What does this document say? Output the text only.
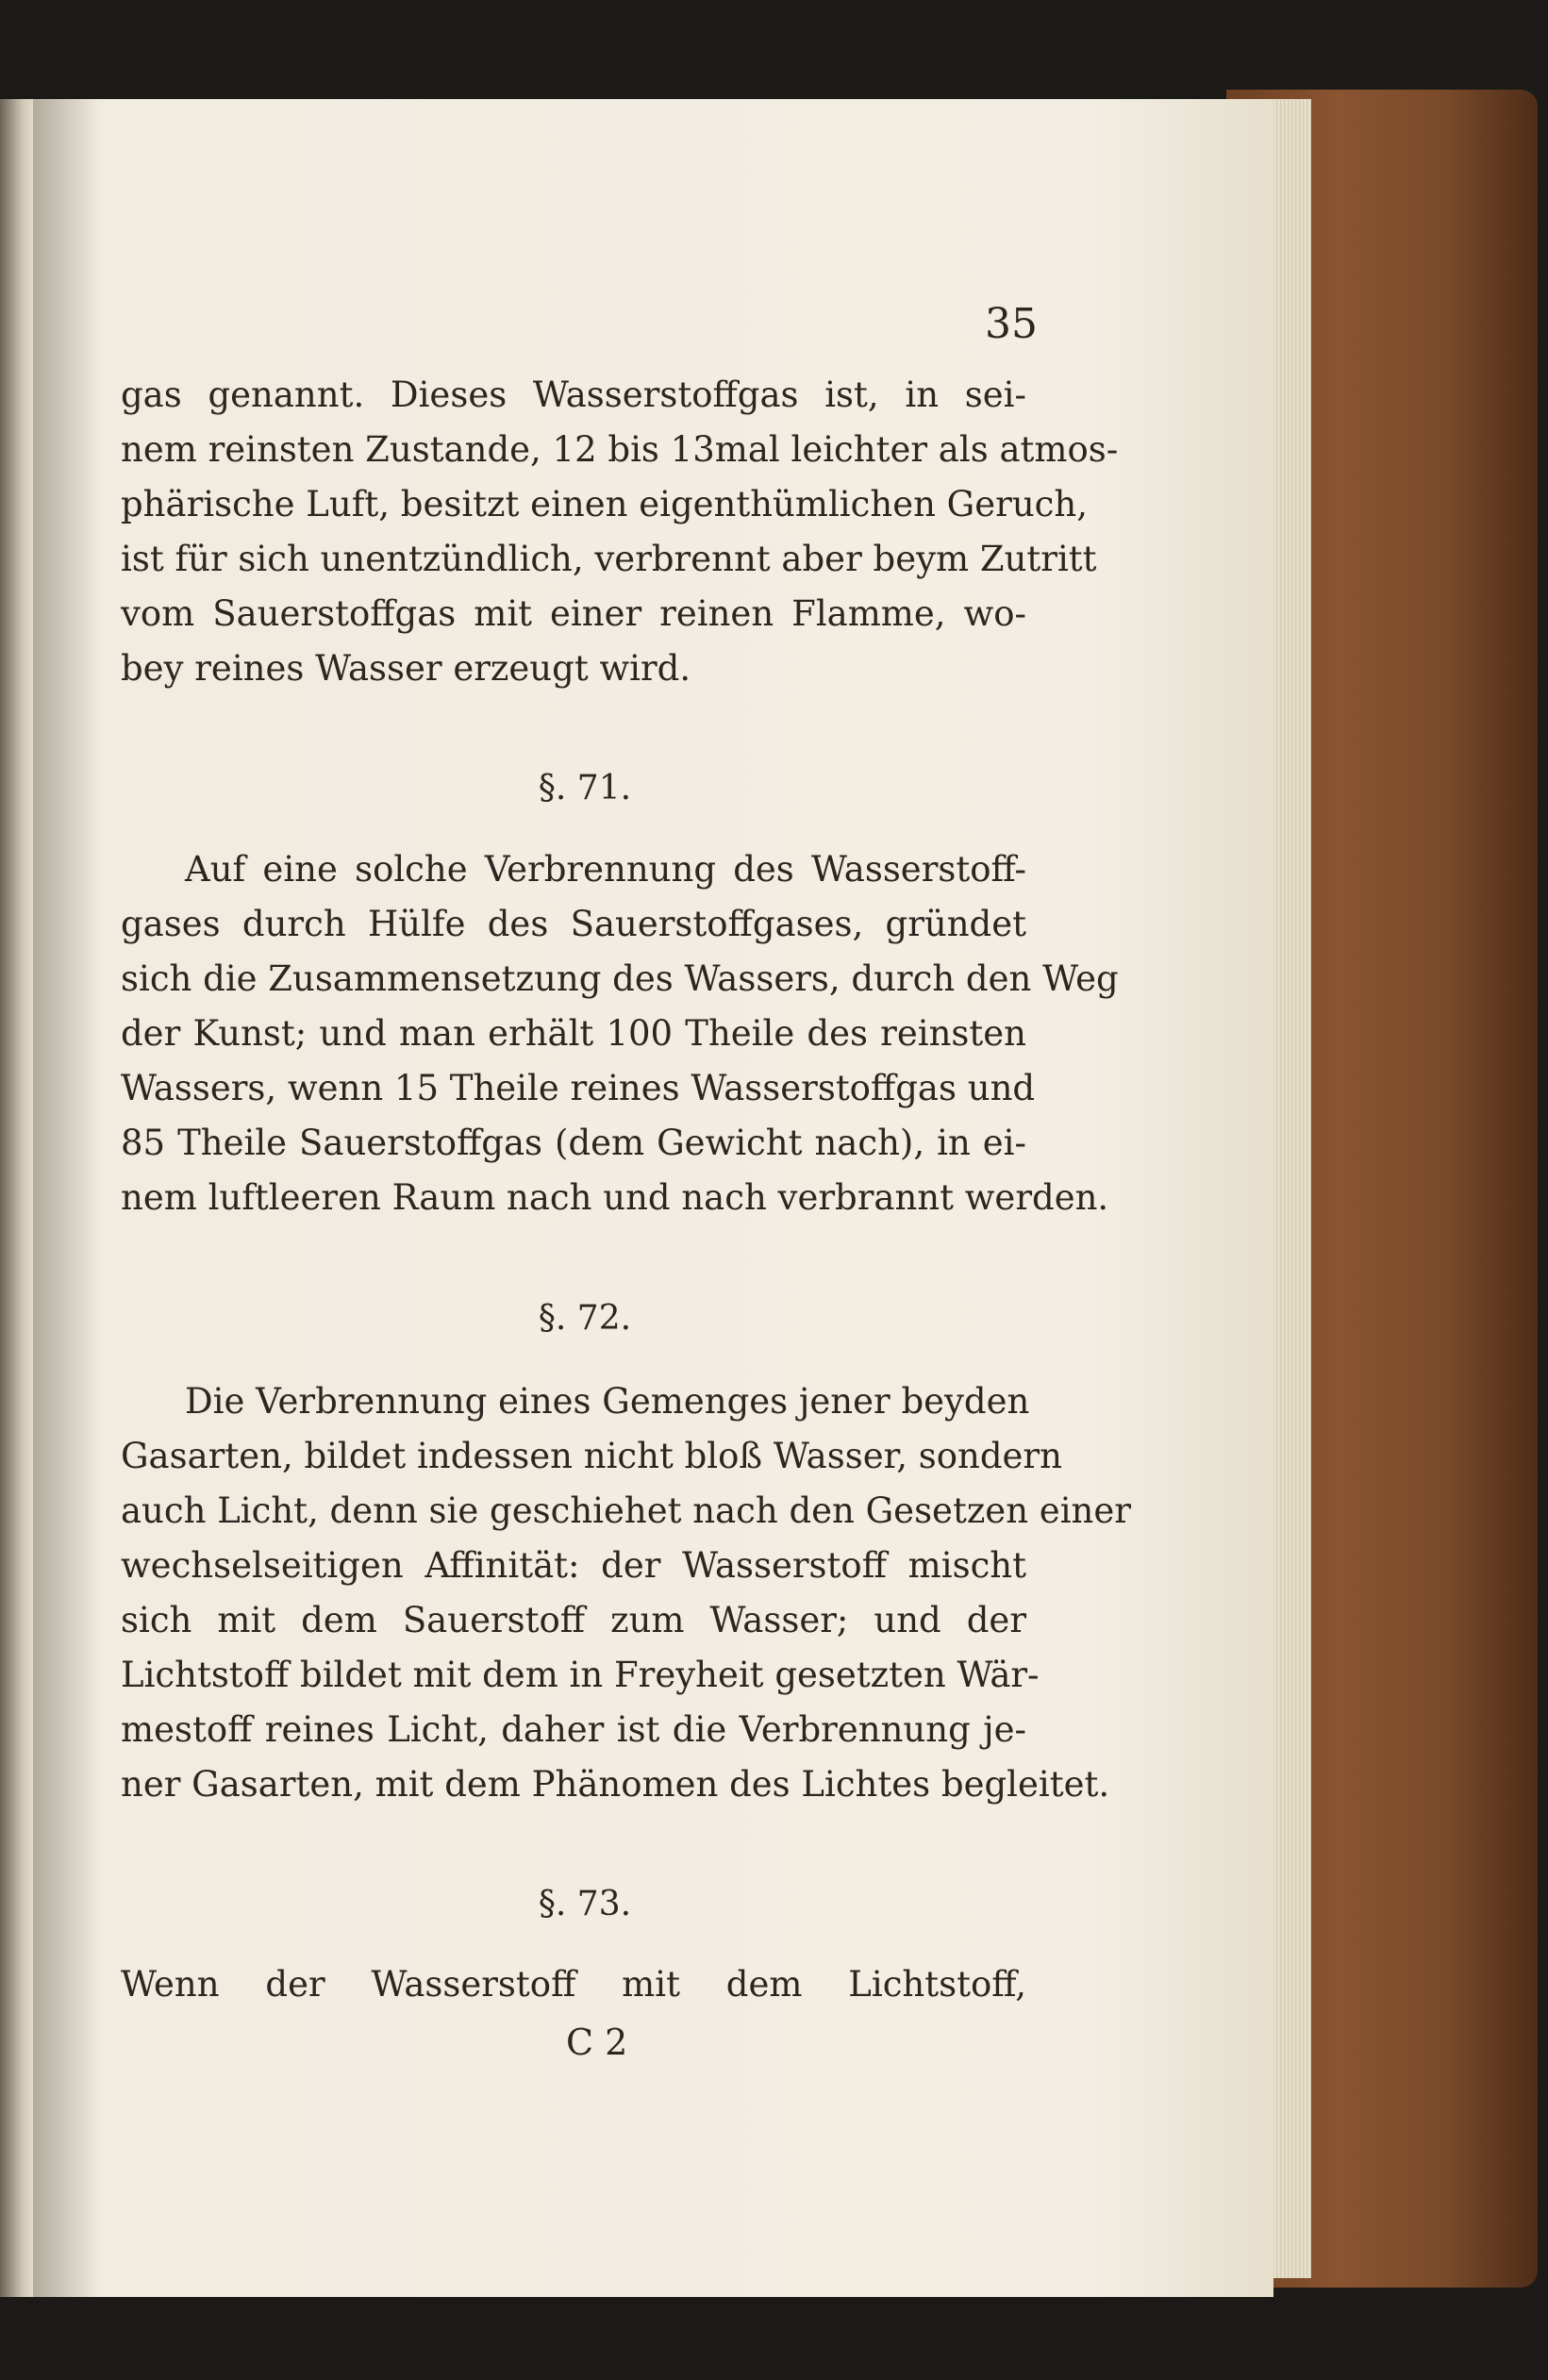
35
gas genannt. Dieses Wasserstoffgas ist, in sei-
nem reinsten Zustande, 12 bis 13mal leichter als atmos-
phärische Luft, besitzt einen eigenthümlichen Geruch,
ist für sich unentzündlich, verbrennt aber beym Zutritt
vom Sauerstoffgas mit einer reinen Flamme, wo-
bey reines Wasser erzeugt wird.
§. 71.
Auf eine solche Verbrennung des Wasserstoff-
gases durch Hülfe des Sauerstoffgases, gründet
sich die Zusammensetzung des Wassers, durch den Weg
der Kunst; und man erhält 100 Theile des reinsten
Wassers, wenn 15 Theile reines Wasserstoffgas und
85 Theile Sauerstoffgas (dem Gewicht nach), in ei-
nem luftleeren Raum nach und nach verbrannt werden.
§. 72.
Die Verbrennung eines Gemenges jener beyden
Gasarten, bildet indessen nicht bloß Wasser, sondern
auch Licht, denn sie geschiehet nach den Gesetzen einer
wechselseitigen Affinität: der Wasserstoff mischt
sich mit dem Sauerstoff zum Wasser; und der
Lichtstoff bildet mit dem in Freyheit gesetzten Wär-
mestoff reines Licht, daher ist die Verbrennung je-
ner Gasarten, mit dem Phänomen des Lichtes begleitet.
§. 73.
Wenn der Wasserstoff mit dem Lichtstoff,
C 2
